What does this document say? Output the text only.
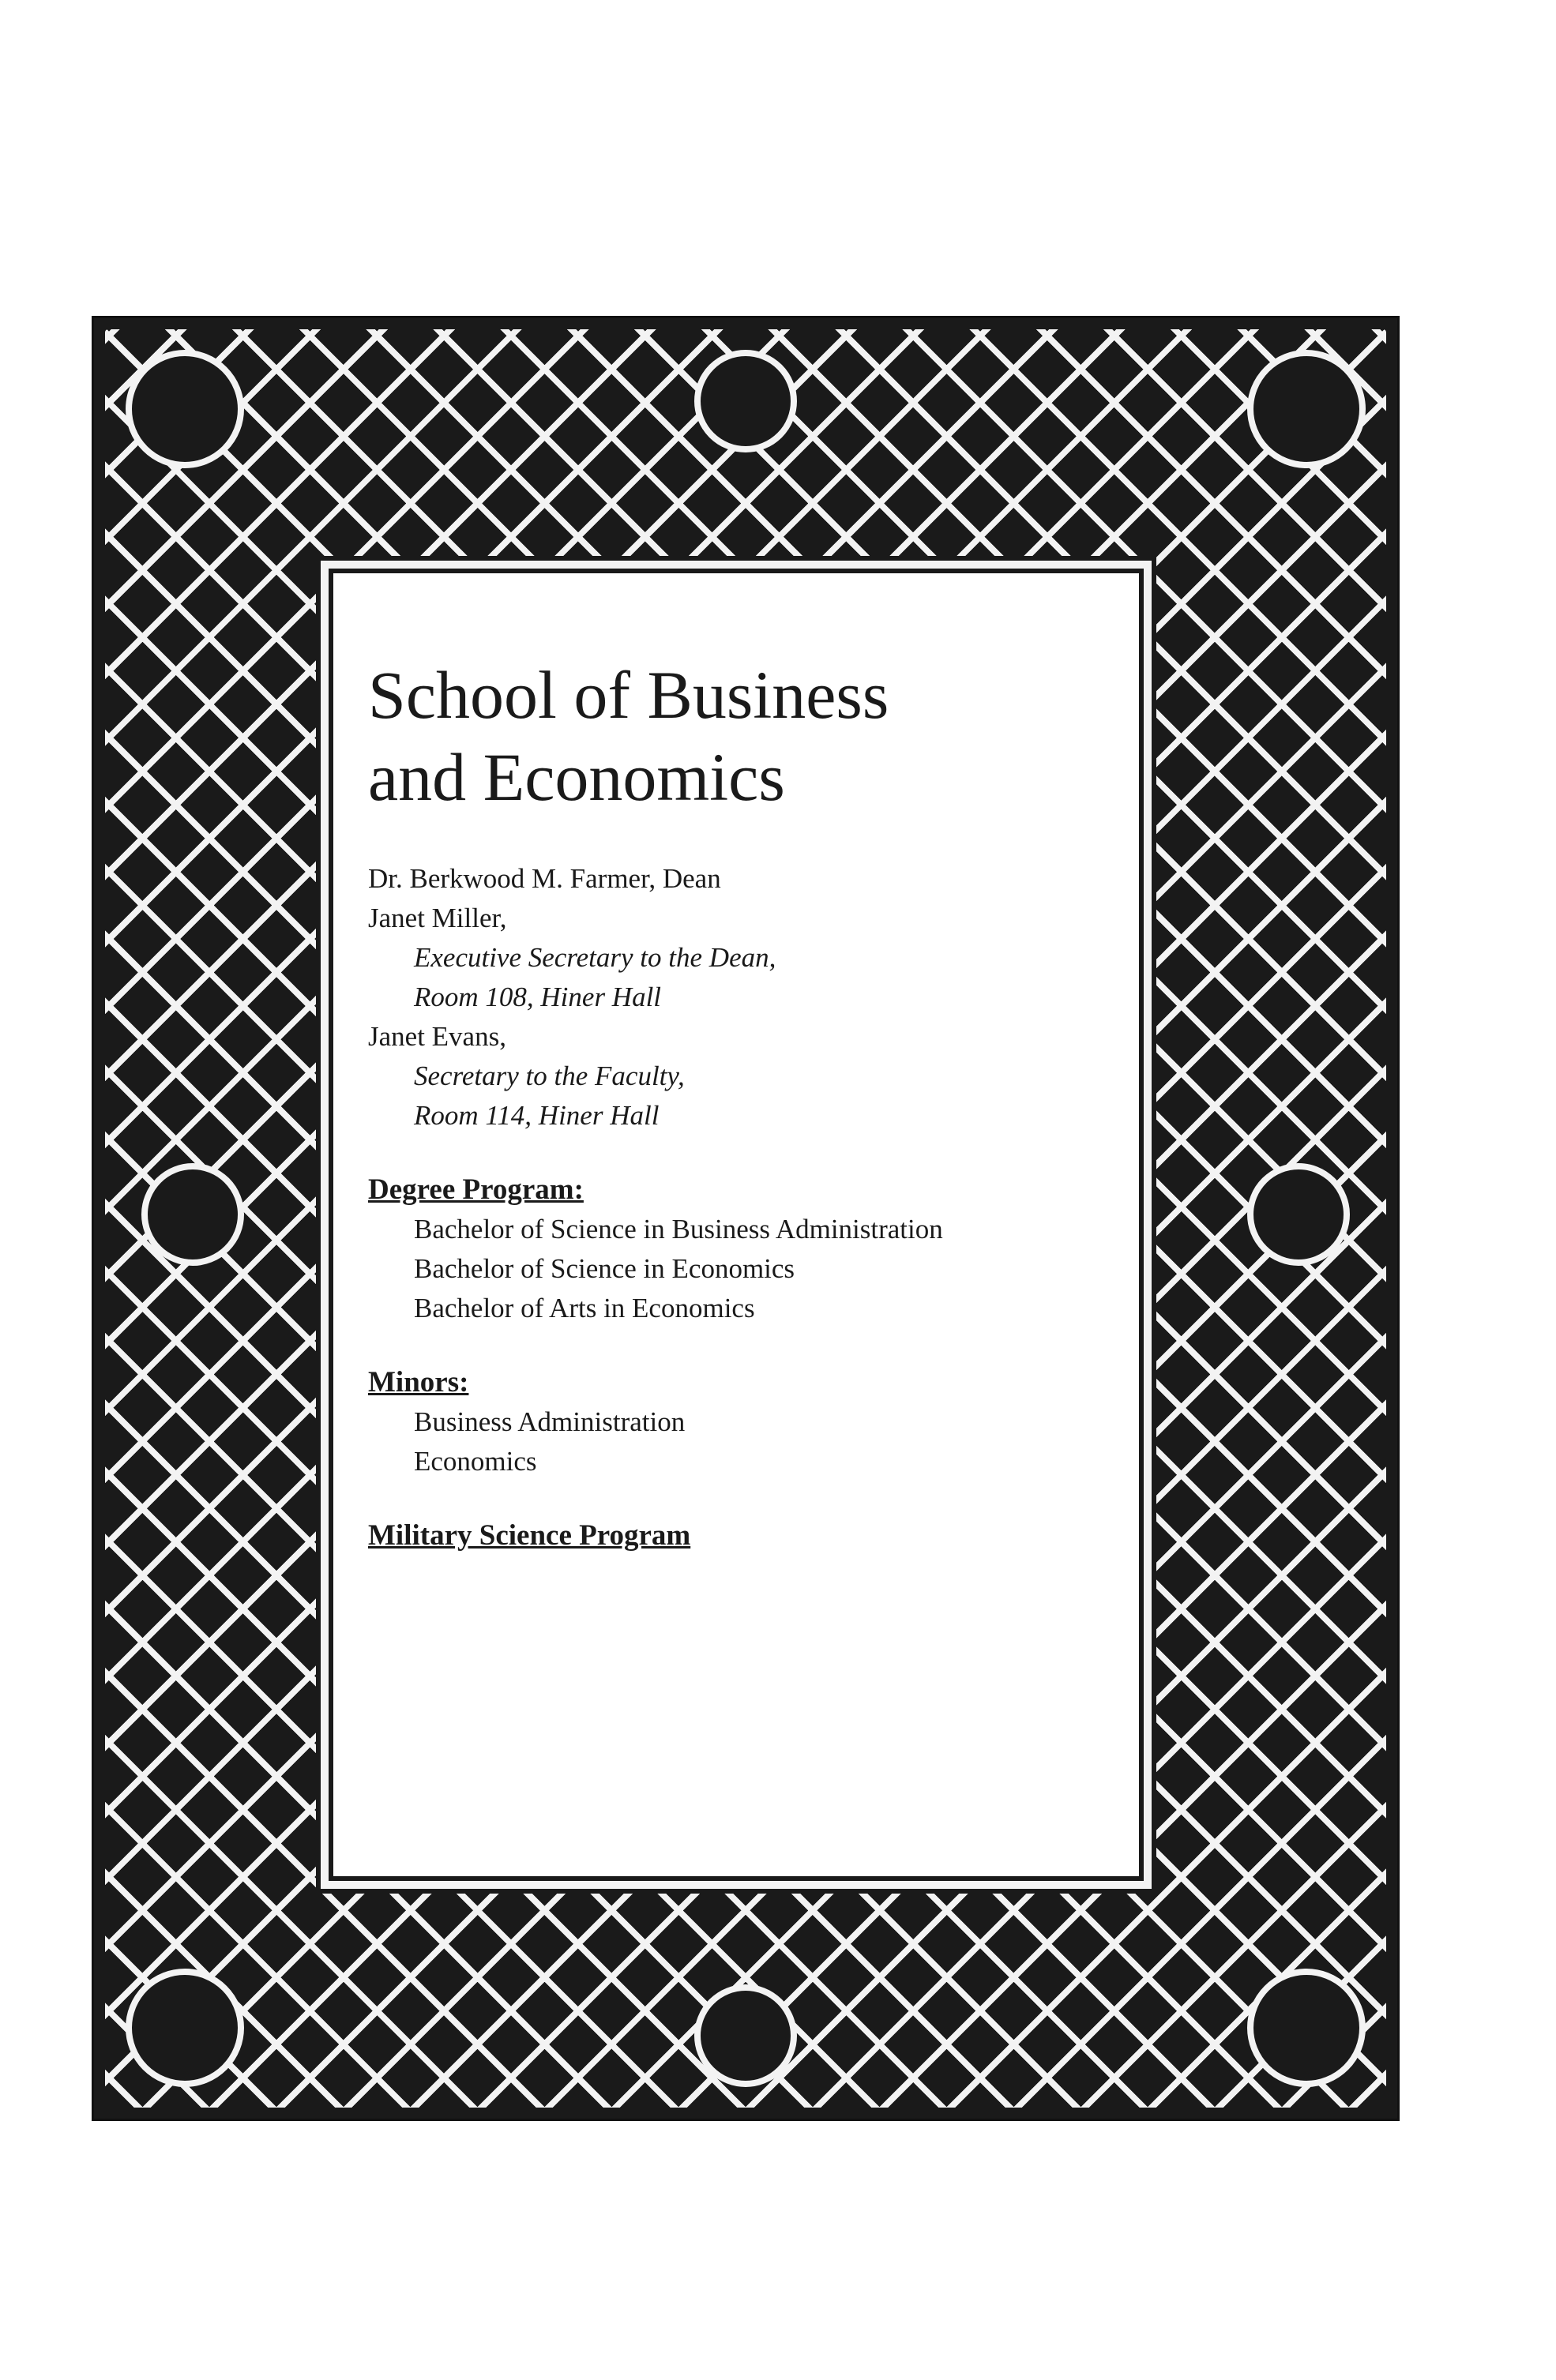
School of Business
and Economics
Dr. Berkwood M. Farmer, Dean
Janet Miller,
Executive Secretary to the Dean,
Room 108, Hiner Hall
Janet Evans,
Secretary to the Faculty,
Room 114, Hiner Hall
Degree Program:
Bachelor of Science in Business Administration
Bachelor of Science in Economics
Bachelor of Arts in Economics
Minors:
Business Administration
Economics
Military Science Program
